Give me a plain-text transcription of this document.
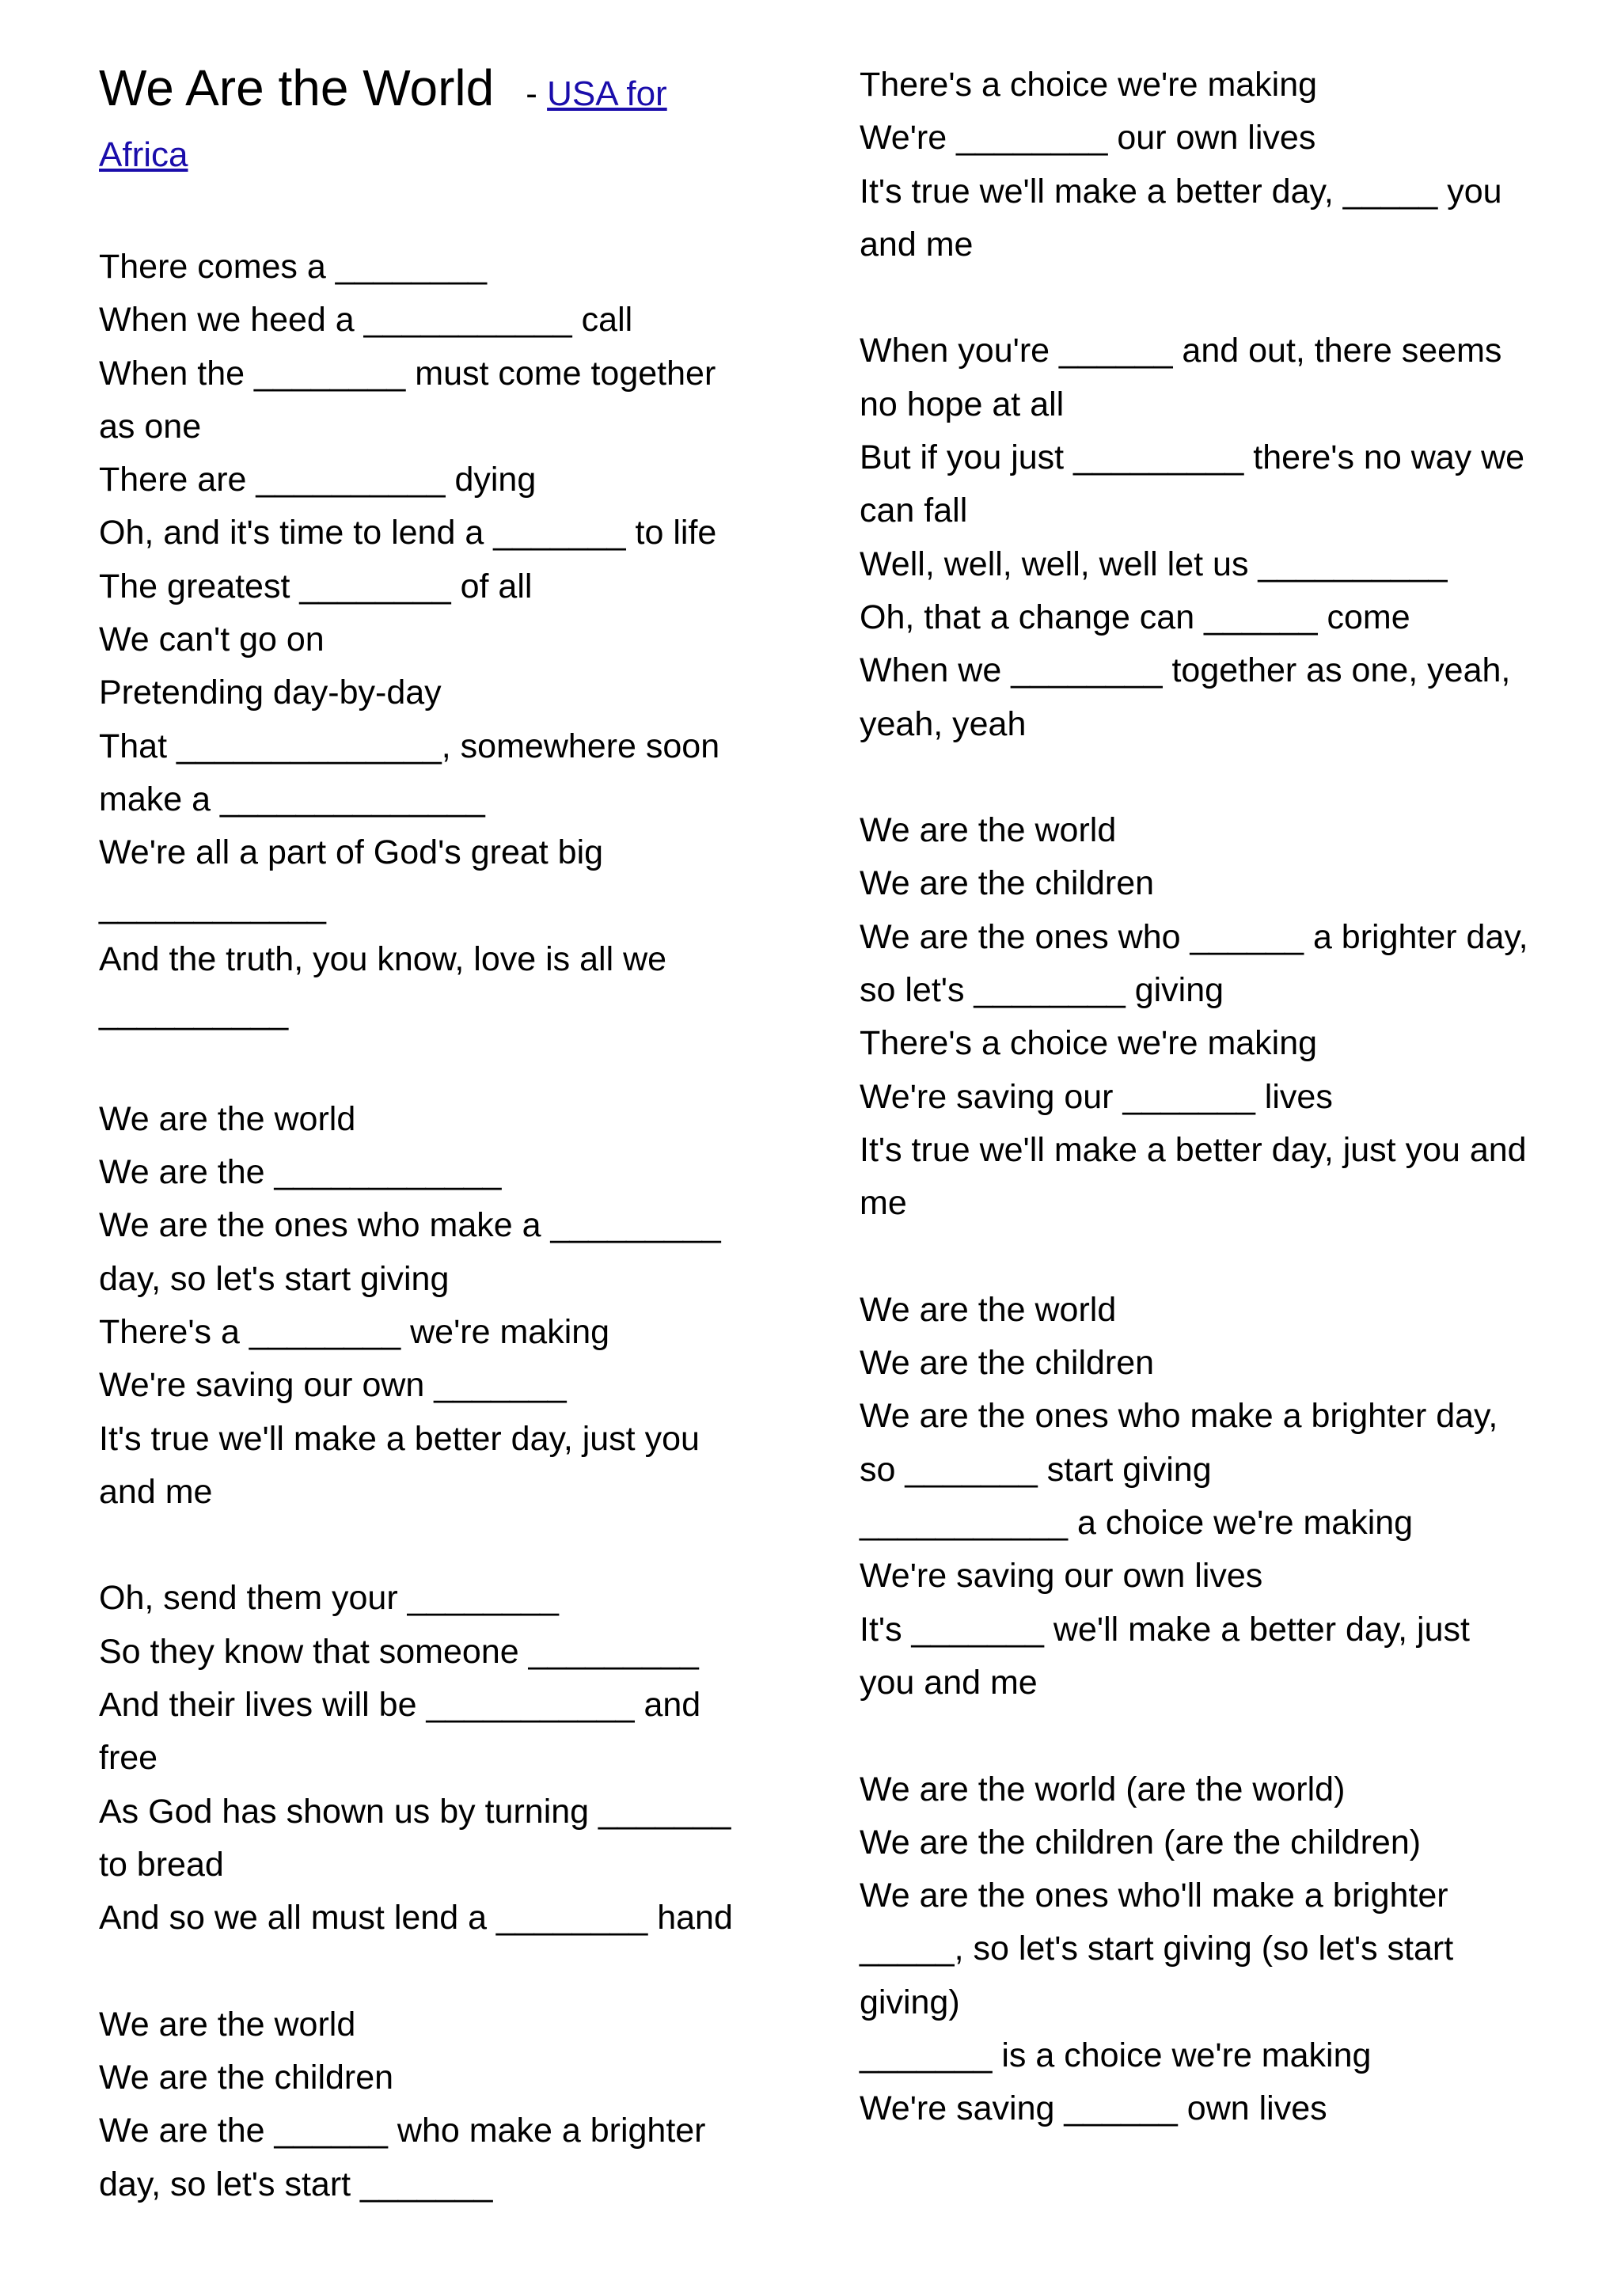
We Are the World - USA for Africa
There comes a ________
When we heed a ___________ call
When the ________ must come together as one
There are __________ dying
Oh, and it's time to lend a _______ to life
The greatest ________ of all
We can't go on
Pretending day-by-day
That ______________, somewhere soon make a ______________
We're all a part of God's great big ____________
And the truth, you know, love is all we __________
We are the world
We are the ____________
We are the ones who make a _________ day, so let's start giving
There's a ________ we're making
We're saving our own _______
It's true we'll make a better day, just you and me
Oh, send them your ________
So they know that someone _________
And their lives will be ___________ and free
As God has shown us by turning _______ to bread
And so we all must lend a ________ hand
We are the world
We are the children
We are the ______ who make a brighter day, so let's start _______
There's a choice we're making
We're ________ our own lives
It's true we'll make a better day, _____ you and me
When you're ______ and out, there seems no hope at all
But if you just _________ there's no way we can fall
Well, well, well, well let us __________
Oh, that a change can ______ come
When we ________ together as one, yeah, yeah, yeah
We are the world
We are the children
We are the ones who ______ a brighter day, so let's ________ giving
There's a choice we're making
We're saving our _______ lives
It's true we'll make a better day, just you and me
We are the world
We are the children
We are the ones who make a brighter day, so _______ start giving
___________ a choice we're making
We're saving our own lives
It's _______ we'll make a better day, just you and me
We are the world (are the world)
We are the children (are the children)
We are the ones who'll make a brighter _____, so let's start giving (so let's start giving)
_______ is a choice we're making
We're saving ______ own lives
